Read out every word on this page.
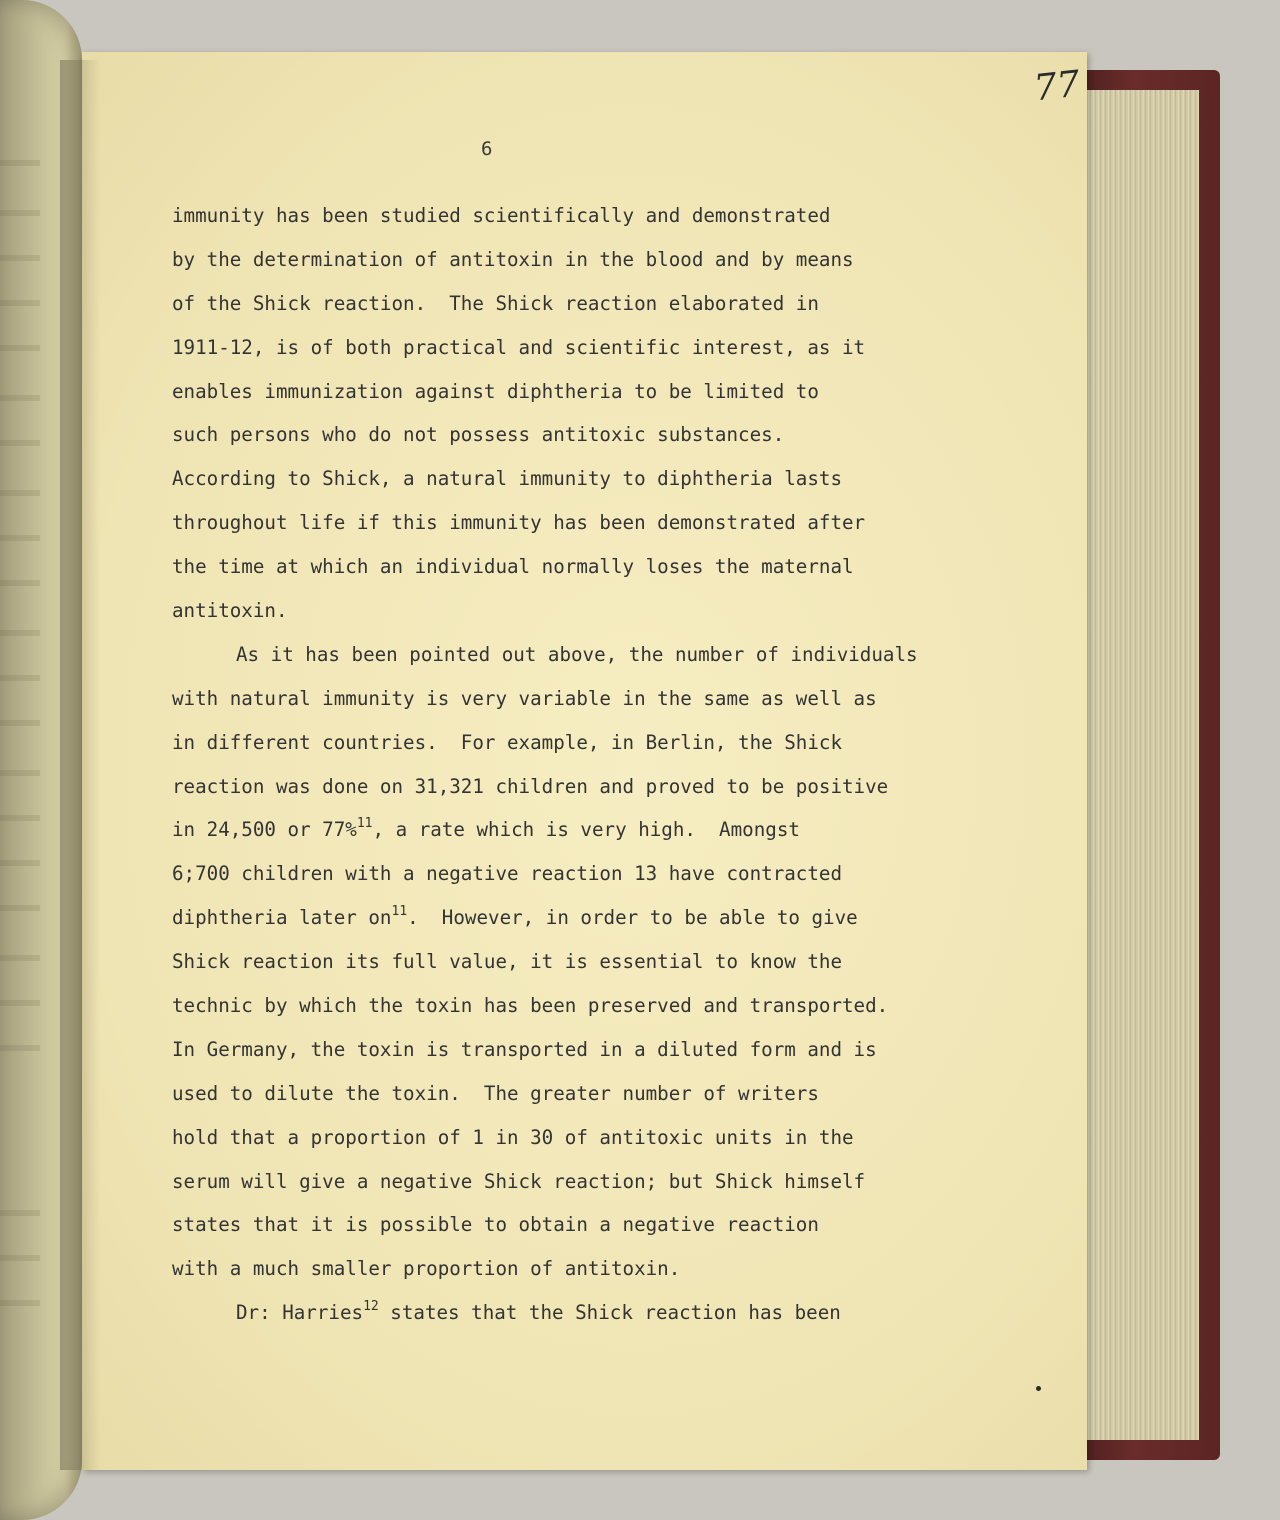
77
6
immunity has been studied scientifically and demonstrated
by the determination of antitoxin in the blood and by means
of the Shick reaction.  The Shick reaction elaborated in
1911-12, is of both practical and scientific interest, as it
enables immunization against diphtheria to be limited to
such persons who do not possess antitoxic substances.
According to Shick, a natural immunity to diphtheria lasts
throughout life if this immunity has been demonstrated after
the time at which an individual normally loses the maternal
antitoxin.
As it has been pointed out above, the number of individuals
with natural immunity is very variable in the same as well as
in different countries.  For example, in Berlin, the Shick
reaction was done on 31,321 children and proved to be positive
in 24,500 or 77%$^{11}$, a rate which is very high.  Amongst
6;700 children with a negative reaction 13 have contracted
diphtheria later $on^{11}$.  However, in order to be able to give
Shick reaction its full value, it is essential to know the
technic by which the toxin has been preserved and transported.
In Germany, the toxin is transported in a diluted form and is
used to dilute the toxin.  The greater number of writers
hold that a proportion of 1 in 30 of antitoxic units in the
serum will give a negative Shick reaction; but Shick himself
states that it is possible to obtain a negative reaction
with a much smaller proportion of antitoxin.
Dr: Harries$^{12}$ states that the Shick reaction has been
